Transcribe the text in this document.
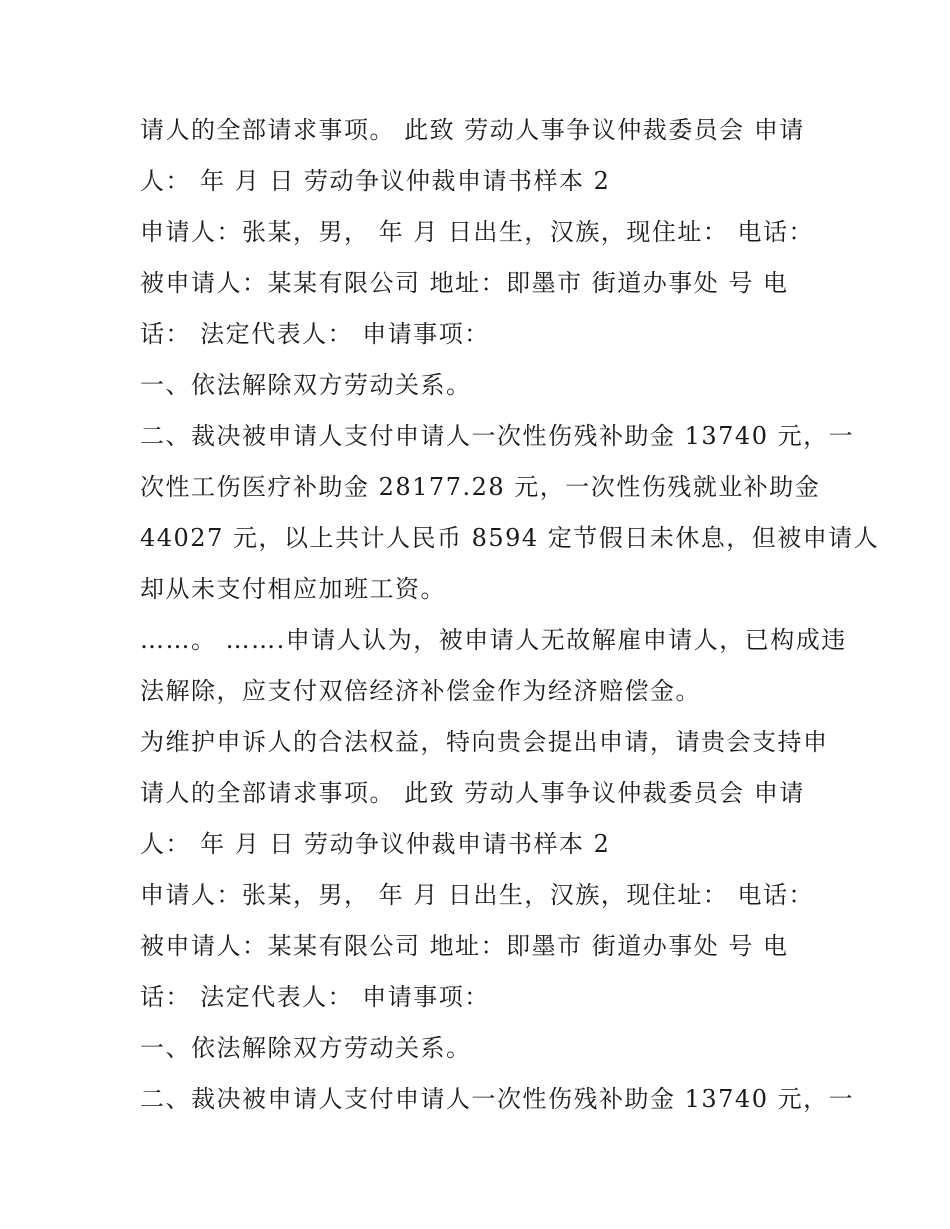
请人的全部请求事项。 此致 劳动人事争议仲裁委员会 申请
人： 年 月 日 劳动争议仲裁申请书样本 2
申请人：张某，男， 年 月 日出生，汉族，现住址： 电话：
被申请人：某某有限公司 地址：即墨市 街道办事处 号 电
话： 法定代表人： 申请事项：
一、依法解除双方劳动关系。
二、裁决被申请人支付申请人一次性伤残补助金 13740 元，一
次性工伤医疗补助金 28177.28 元，一次性伤残就业补助金
44027 元，以上共计人民币 8594 定节假日未休息，但被申请人
却从未支付相应加班工资。
……。 …….申请人认为，被申请人无故解雇申请人，已构成违
法解除，应支付双倍经济补偿金作为经济赔偿金。
为维护申诉人的合法权益，特向贵会提出申请，请贵会支持申
请人的全部请求事项。 此致 劳动人事争议仲裁委员会 申请
人： 年 月 日 劳动争议仲裁申请书样本 2
申请人：张某，男， 年 月 日出生，汉族，现住址： 电话：
被申请人：某某有限公司 地址：即墨市 街道办事处 号 电
话： 法定代表人： 申请事项：
一、依法解除双方劳动关系。
二、裁决被申请人支付申请人一次性伤残补助金 13740 元，一
